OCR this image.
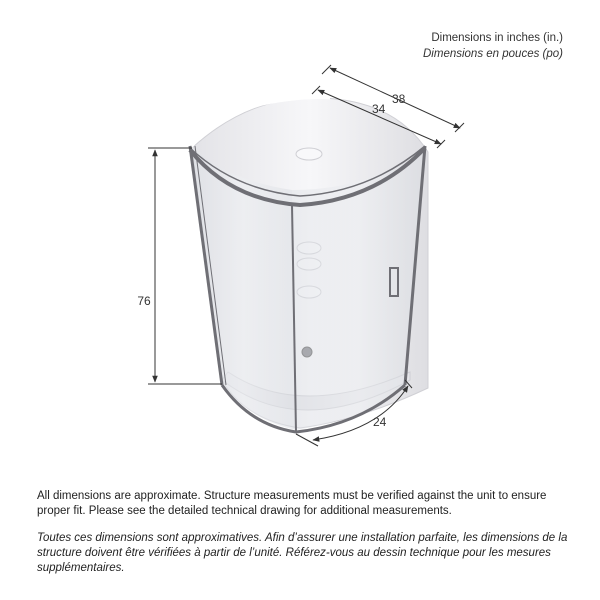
Dimensions in inches (in.)
Dimensions en pouces (po)
38
34
76
24

All dimensions are approximate. Structure measurements must be verified against the unit to ensure proper fit. Please see the detailed technical drawing for additional measurements.

Toutes ces dimensions sont approximatives. Afin d’assurer une installation parfaite, les dimensions de la structure doivent être vérifiées à partir de l’unité. Référez-vous au dessin technique pour les mesures supplémentaires.
